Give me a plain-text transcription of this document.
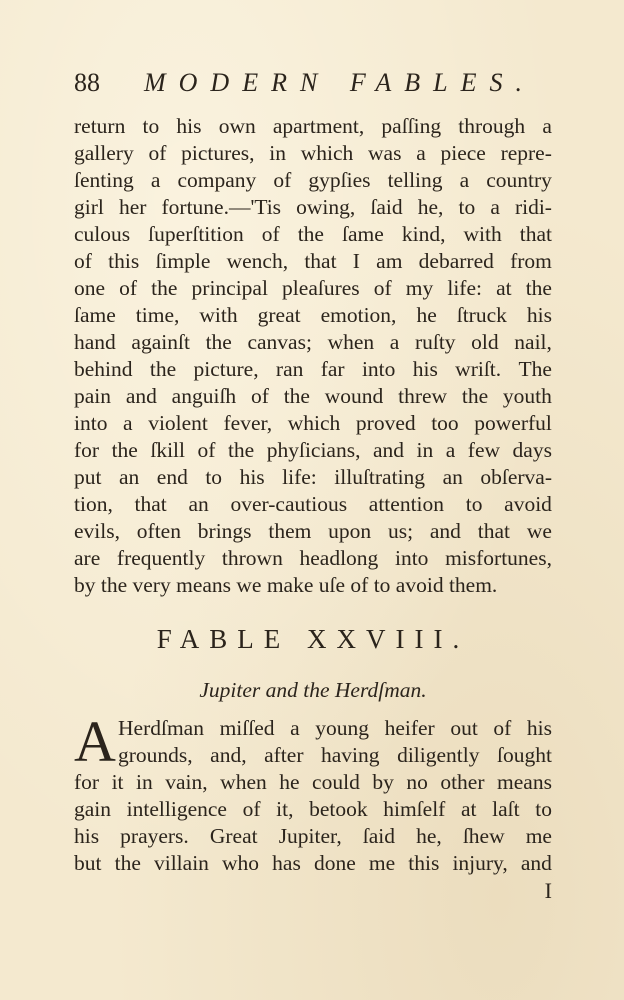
88 MODERN FABLES.
return to his own apartment, paſſing through a
gallery of pictures, in which was a piece repre-
ſenting a company of gypſies telling a country
girl her fortune.—'Tis owing, ſaid he, to a ridi-
culous ſuperſtition of the ſame kind, with that
of this ſimple wench, that I am debarred from
one of the principal pleaſures of my life: at the
ſame time, with great emotion, he ſtruck his
hand againſt the canvas; when a ruſty old nail,
behind the picture, ran far into his wriſt. The
pain and anguiſh of the wound threw the youth
into a violent fever, which proved too powerful
for the ſkill of the phyſicians, and in a few days
put an end to his life: illuſtrating an obſerva-
tion, that an over-cautious attention to avoid
evils, often brings them upon us; and that we
are frequently thrown headlong into misfortunes,
by the very means we make uſe of to avoid them.
FABLE XXVIII.
Jupiter and the Herdſman.
A Herdſman miſſed a young heifer out of his
grounds, and, after having diligently ſought
for it in vain, when he could by no other means
gain intelligence of it, betook himſelf at laſt to
his prayers. Great Jupiter, ſaid he, ſhew me
but the villain who has done me this injury, and
I
